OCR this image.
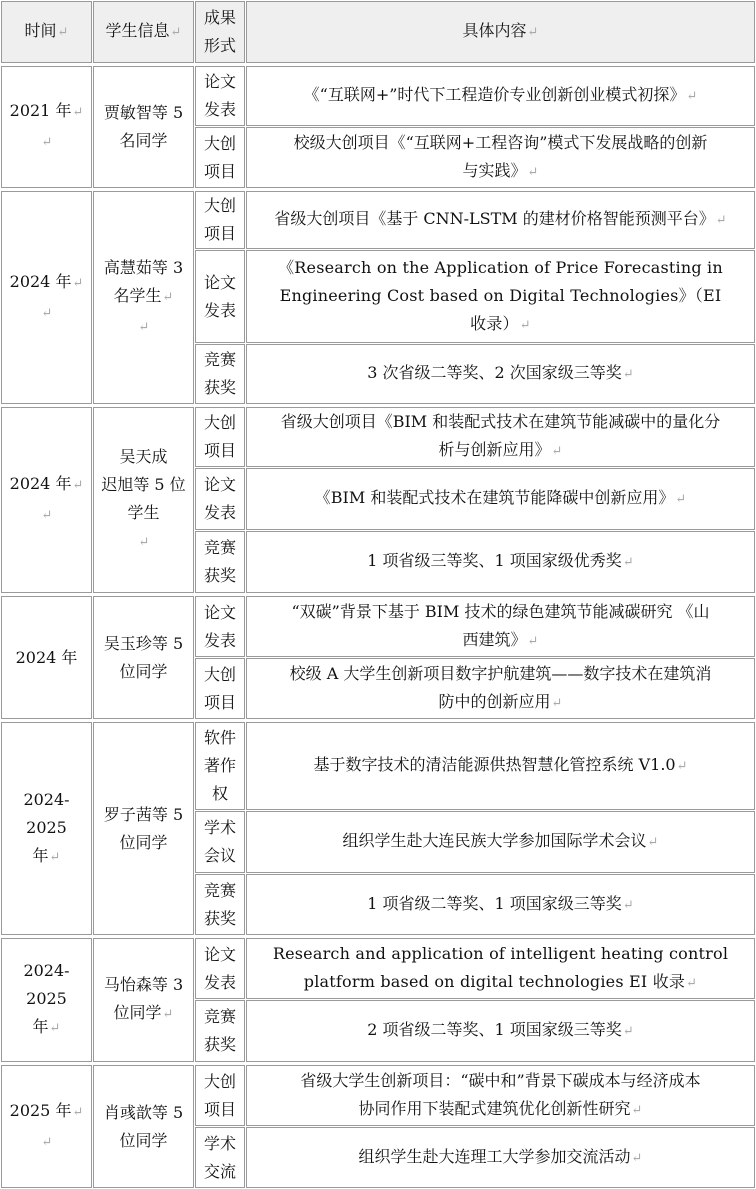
时间↵ 学生信息↵
成果
形式
具体内容↵
2021 年↵
↵
贾敏智等 5
名同学
论文
发表
《“互联网+”时代下工程造价专业创新创业模式初探》↵
大创
项目
校级大创项目《“互联网+工程咨询”模式下发展战略的创新
与实践》↵
2024 年↵
↵
高慧茹等 3
名学生↵
↵
大创
项目
省级大创项目《基于 CNN-LSTM 的建材价格智能预测平台》↵
论文
发表
《Research on the Application of Price Forecasting in
Engineering Cost based on Digital Technologies》（EI
收录）↵
竞赛
获奖
3 次省级二等奖、2 次国家级三等奖↵
2024 年↵
↵
吴天成
迟旭等 5 位
学生
↵
大创
项目
省级大创项目《BIM 和装配式技术在建筑节能减碳中的量化分
析与创新应用》↵
论文
发表
《BIM 和装配式技术在建筑节能降碳中创新应用》↵
竞赛
获奖
1 项省级三等奖、1 项国家级优秀奖↵
2024 年
吴玉珍等 5
位同学
论文
发表
“双碳”背景下基于 BIM 技术的绿色建筑节能减碳研究 《山
西建筑》↵
大创
项目
校级 A 大学生创新项目数字护航建筑——数字技术在建筑消
防中的创新应用↵
2024-2025
年↵
罗子茜等 5
位同学
软件
著作
权
基于数字技术的清洁能源供热智慧化管控系统 V1.0↵
学术
会议
组织学生赴大连民族大学参加国际学术会议↵
竞赛
获奖
1 项省级二等奖、1 项国家级三等奖↵
2024-2025
年↵
马怡森等 3
位同学↵
论文
发表
Research and application of intelligent heating control
platform based on digital technologies EI 收录↵
竞赛
获奖
2 项省级二等奖、1 项国家级三等奖↵
2025 年↵
↵
肖彧歆等 5
位同学
大创
项目
省级大学生创新项目：“碳中和”背景下碳成本与经济成本
协同作用下装配式建筑优化创新性研究↵
学术
交流
组织学生赴大连理工大学参加交流活动↵
